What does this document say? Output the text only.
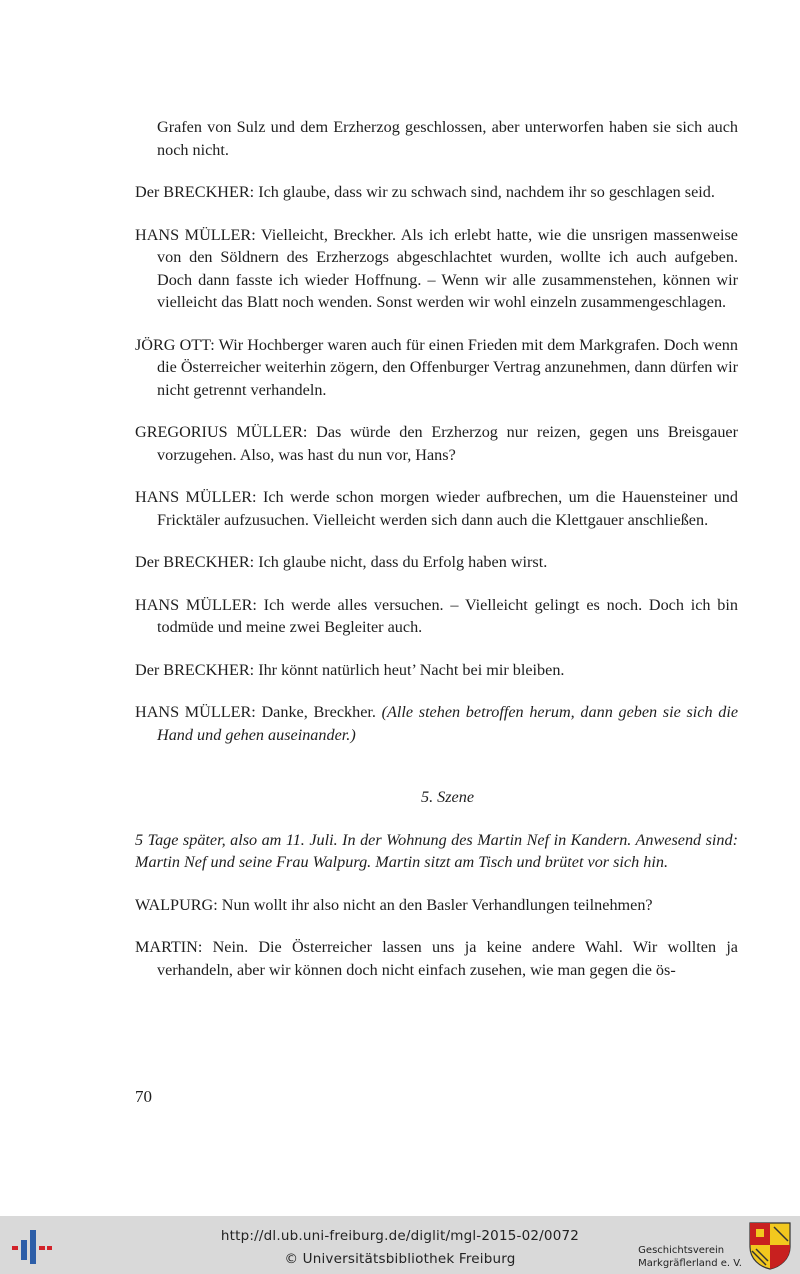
Grafen von Sulz und dem Erzherzog geschlossen, aber unterworfen haben sie sich auch noch nicht.

Der BRECKHER: Ich glaube, dass wir zu schwach sind, nachdem ihr so geschlagen seid.

HANS MÜLLER: Vielleicht, Breckher. Als ich erlebt hatte, wie die unsrigen massenweise von den Söldnern des Erzherzogs abgeschlachtet wurden, wollte ich auch aufgeben. Doch dann fasste ich wieder Hoffnung. – Wenn wir alle zusammenstehen, können wir vielleicht das Blatt noch wenden. Sonst werden wir wohl einzeln zusammengeschlagen.

JÖRG OTT: Wir Hochberger waren auch für einen Frieden mit dem Markgrafen. Doch wenn die Österreicher weiterhin zögern, den Offenburger Vertrag anzunehmen, dann dürfen wir nicht getrennt verhandeln.

GREGORIUS MÜLLER: Das würde den Erzherzog nur reizen, gegen uns Breisgauer vorzugehen. Also, was hast du nun vor, Hans?

HANS MÜLLER: Ich werde schon morgen wieder aufbrechen, um die Hauensteiner und Fricktäler aufzusuchen. Vielleicht werden sich dann auch die Klettgauer anschließen.

Der BRECKHER: Ich glaube nicht, dass du Erfolg haben wirst.

HANS MÜLLER: Ich werde alles versuchen. – Vielleicht gelingt es noch. Doch ich bin todmüde und meine zwei Begleiter auch.

Der BRECKHER: Ihr könnt natürlich heut’ Nacht bei mir bleiben.

HANS MÜLLER: Danke, Breckher. (Alle stehen betroffen herum, dann geben sie sich die Hand und gehen auseinander.)

5. Szene

5 Tage später, also am 11. Juli. In der Wohnung des Martin Nef in Kandern. Anwesend sind: Martin Nef und seine Frau Walpurg. Martin sitzt am Tisch und brütet vor sich hin.

WALPURG: Nun wollt ihr also nicht an den Basler Verhandlungen teilnehmen?

MARTIN: Nein. Die Österreicher lassen uns ja keine andere Wahl. Wir wollten ja verhandeln, aber wir können doch nicht einfach zusehen, wie man gegen die ös-

70
http://dl.ub.uni-freiburg.de/diglit/mgl-2015-02/0072
© Universitätsbibliothek Freiburg
Geschichtsverein
Markgräflerland e. V.
